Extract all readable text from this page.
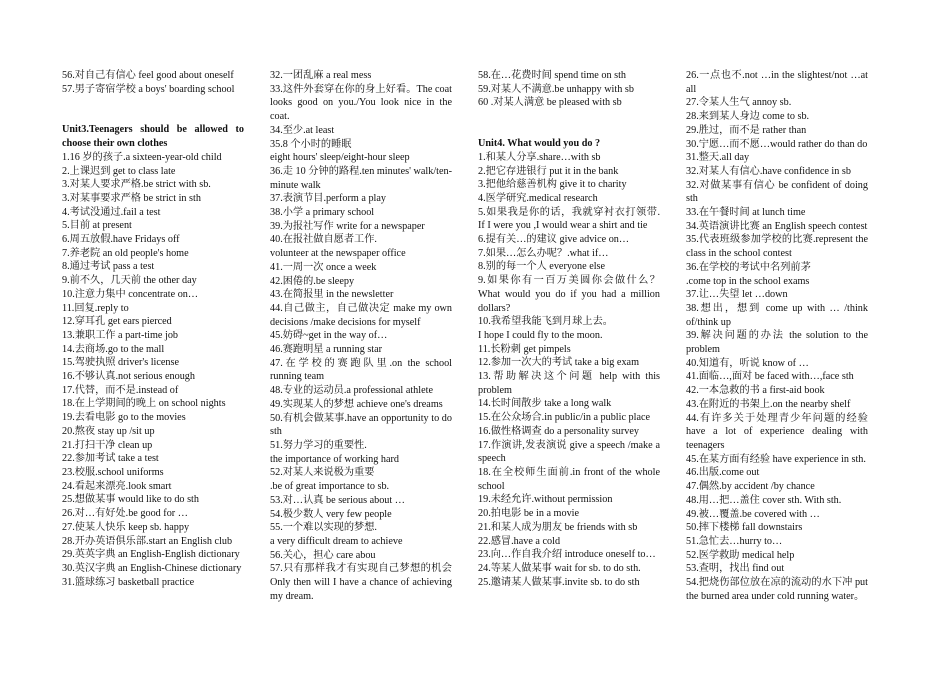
56.对自己有信心 feel good about oneself
57.男子寄宿学校 a boys' boarding school
Unit3.Teenagers should be allowed to choose their own clothes
1.16 岁的孩子.a sixteen-year-old child
2.上课迟到 get to class late
3.对某人要求严格.be strict with sb.
3.对某事要求严格 be strict in sth
4.考试没通过.fail a test
5.目前 at present
6.周五放假.have Fridays off
7.养老院 an old people's home
8.通过考试 pass a test
9.前不久，几天前 the other day
10.注意力集中 concentrate on…
11.回复.reply to
12.穿耳孔 get ears pierced
13.兼职工作 a part-time job
14.去商场.go to the mall
15.驾驶执照 driver's license
16.不够认真.not serious enough
17.代替，而不是.instead of
18.在上学期间的晚上 on school nights
19.去看电影 go to the movies
20.熬夜 stay up /sit up
21.打扫干净 clean up
22.参加考试 take a test
23.校服.school uniforms
24.看起来漂亮.look smart
25.想做某事 would like to do sth
26.对…有好处.be good for …
27.使某人快乐 keep sb. happy
28.开办英语俱乐部.start an English club
29.英英字典 an English-English dictionary
30.英汉字典 an English-Chinese dictionary
31.篮球练习 basketball practice
32.一团乱麻 a real mess
33.这件外套穿在你的身上好看。The coat looks good on you./You look nice in the coat.
34.至少.at least
35.8 个小时的睡眠
eight hours' sleep/eight-hour sleep
36.走 10 分钟的路程.ten minutes' walk/ten-minute walk
37.表演节目.perform a play
38.小学 a primary school
39.为报社写作 write for a newspaper
40.在报社做自愿者工作.
volunteer at the newspaper office
41.一周一次 once a week
42.困倦的.be sleepy
43.在简报里 in the newsletter
44.自己做主，自己做决定 make my own decisions /make decisions for myself
45.妨碍~get in the way of…
46.赛跑明星 a running star
47.在学校的赛跑队里.on the school running team
48.专业的运动员.a professional athlete
49.实现某人的梦想 achieve one's dreams
50.有机会做某事.have an opportunity to do sth
51.努力学习的重要性.
the importance of working hard
52.对某人来说极为重要
.be of great importance to sb.
53.对…认真 be serious about …
54.极少数人 very few people
55.一个难以实现的梦想.
a very difficult dream to achieve
56.关心，担心 care abou
57.只有那样我才有实现自己梦想的机会 Only then will I have a chance of achieving my dream.
58.在…花费时间 spend time on sth
59.对某人不满意.be unhappy with sb
60 .对某人满意 be pleased with sb
Unit4. What would you do ?
1.和某人分享.share…with sb
2.把它存进银行 put it in the bank
3.把他给慈善机构 give it to charity
4.医学研究.medical research
5.如果我是你的话，我就穿衬衣打领带. If I were you ,I would wear a shirt and tie
6.提有关…的建议 give advice on…
7.如果…怎么办呢？.what if…
8.别的每一个人 everyone else
9.如果你有一百万美圆你会做什么？ What would you do if you had a million dollars?
10.我希望我能飞到月球上去。
I hope I could fly to the moon.
11.长粉刺 get pimpels
12.参加一次大的考试 take a big exam
13.帮助解决这个问题 help with this problem
14.长时间散步 take a long walk
15.在公众场合.in public/in a public place
16.做性格调查 do a personality survey
17.作演讲,发表演说 give a speech /make a speech
18.在全校师生面前.in front of the whole school
19.未经允许.without permission
20.拍电影 be in a movie
21.和某人成为朋友 be friends with sb
22.感冒.have a cold
23.向…作自我介绍 introduce oneself to…
24.等某人做某事 wait for sb. to do sth.
25.邀请某人做某事.invite sb. to do sth
26.一点也不.not …in the slightest/not …at all
27.令某人生气 annoy sb.
28.来到某人身边 come to sb.
29.胜过，而不是 rather than
30.宁愿…而不愿…would rather do than do
31.整天.all day
32.对某人有信心.have confidence in sb
32.对做某事有信心 be confident of doing sth
33.在午餐时间 at lunch time
34.英语演讲比赛 an English speech contest
35.代表班级参加学校的比赛.represent the class in the school contest
36.在学校的考试中名列前茅
.come top in the school exams
37.让…失望 let …down
38.想出，想到 come up with … /think of/think up
39.解决问题的办法 the solution to the problem
40.知道有，听说 know of …
41.面临…,面对 be faced with…,face sth
42.一本急救的书 a first-aid book
43.在附近的书架上.on the nearby shelf
44.有许多关于处理青少年问题的经验 have a lot of experience dealing with teenagers
45.在某方面有经验 have experience in sth.
46.出版.come out
47.偶然.by accident /by chance
48.用…把…盖住 cover sth. With sth.
49.被…覆盖.be covered with …
50.摔下楼梯 fall downstairs
51.急忙去…hurry to…
52.医学救助 medical help
53.查明，找出 find out
54.把烧伤部位放在凉的流动的水下冲 put the burned area under cold running water。
